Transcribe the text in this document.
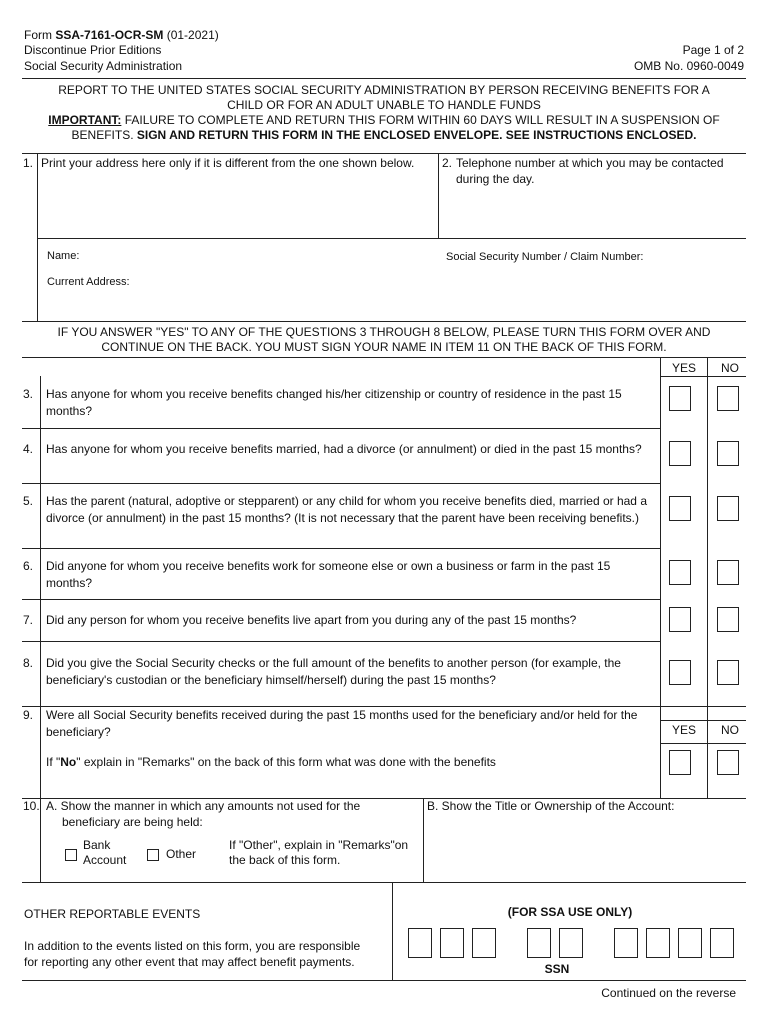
Form SSA-7161-OCR-SM (01-2021)
Discontinue Prior Editions
Social Security Administration
Page 1 of 2
OMB No. 0960-0049
REPORT TO THE UNITED STATES SOCIAL SECURITY ADMINISTRATION BY PERSON RECEIVING BENEFITS FOR A
CHILD OR FOR AN ADULT UNABLE TO HANDLE FUNDS
IMPORTANT: FAILURE TO COMPLETE AND RETURN THIS FORM WITHIN 60 DAYS WILL RESULT IN A SUSPENSION OF
BENEFITS. SIGN AND RETURN THIS FORM IN THE ENCLOSED ENVELOPE. SEE INSTRUCTIONS ENCLOSED.
1. Print your address here only if it is different from the one shown below.	2. Telephone number at which you may be contacted
during the day.
Name:	Social Security Number / Claim Number:
Current Address:
IF YOU ANSWER "YES" TO ANY OF THE QUESTIONS 3 THROUGH 8 BELOW, PLEASE TURN THIS FORM OVER AND
CONTINUE ON THE BACK. YOU MUST SIGN YOUR NAME IN ITEM 11 ON THE BACK OF THIS FORM.
YES	NO
3. Has anyone for whom you receive benefits changed his/her citizenship or country of residence in the past 15 months?
4. Has anyone for whom you receive benefits married, had a divorce (or annulment) or died in the past 15 months?
5. Has the parent (natural, adoptive or stepparent) or any child for whom you receive benefits died, married or had a divorce (or annulment) in the past 15 months? (It is not necessary that the parent have been receiving benefits.)
6. Did anyone for whom you receive benefits work for someone else or own a business or farm in the past 15 months?
7. Did any person for whom you receive benefits live apart from you during any of the past 15 months?
8. Did you give the Social Security checks or the full amount of the benefits to another person (for example, the beneficiary's custodian or the beneficiary himself/herself) during the past 15 months?
9. Were all Social Security benefits received during the past 15 months used for the beneficiary and/or held for the beneficiary?	YES	NO
If "No" explain in "Remarks" on the back of this form what was done with the benefits
10. A. Show the manner in which any amounts not used for the
beneficiary are being held:
Bank
Account	Other
If "Other", explain in "Remarks"on
the back of this form.
B. Show the Title or Ownership of the Account:
OTHER REPORTABLE EVENTS
In addition to the events listed on this form, you are responsible
for reporting any other event that may affect benefit payments.
(FOR SSA USE ONLY)
SSN
Continued on the reverse
